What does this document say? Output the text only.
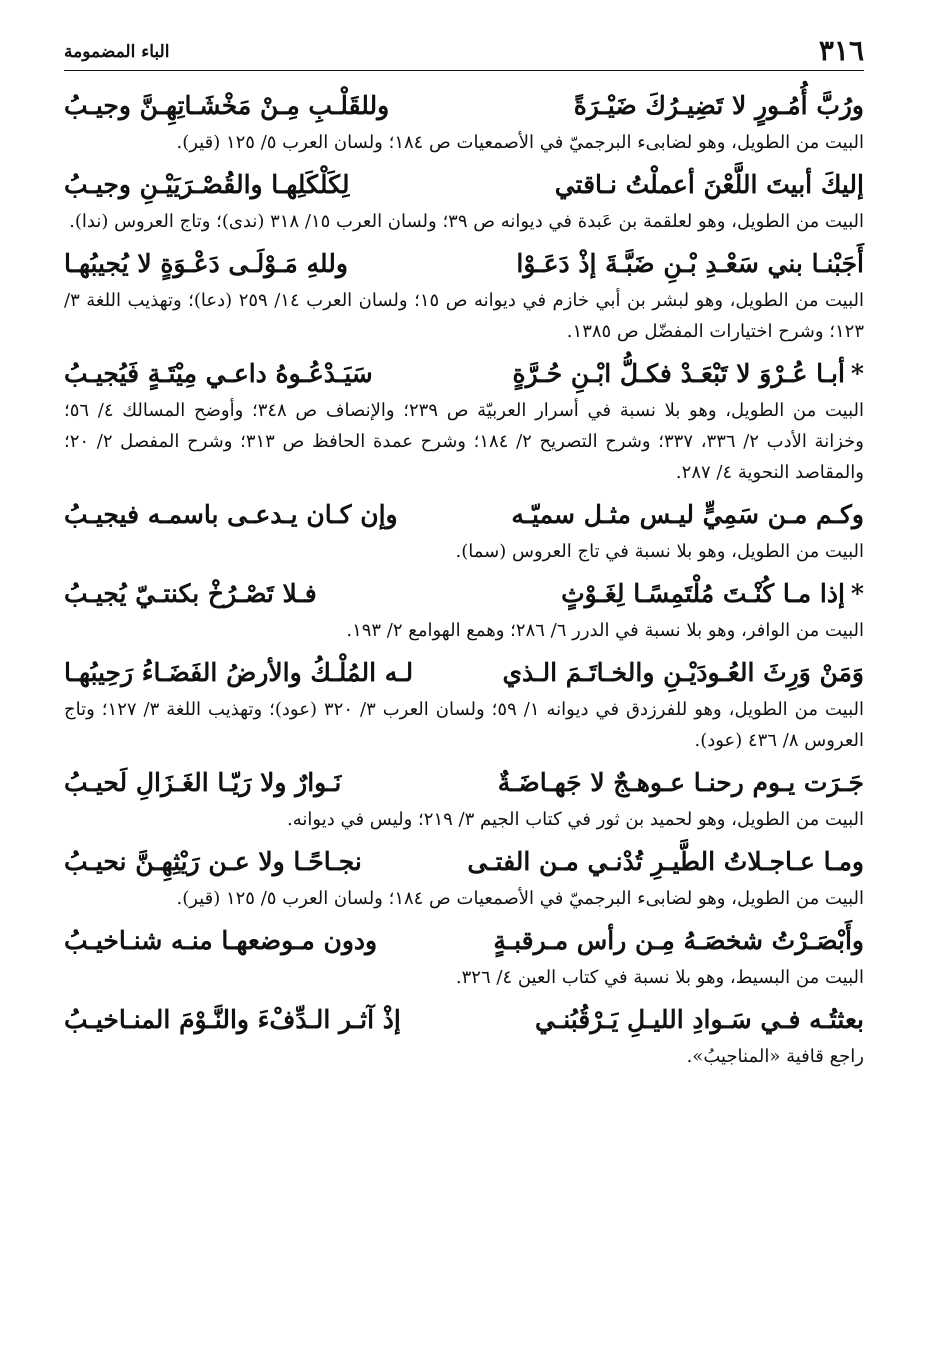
٣١٦
الباء المضمومة
ورُبَّ أُمُـورٍ لا تَضِيـرُكَ ضَيْـرَةً
وللقَلْـبِ مِـنْ مَخْشَـاتِهِـنَّ وجيـبُ

البيت من الطويل، وهو لضابىء البرجميّ في الأصمعيات ص ١٨٤؛ ولسان العرب ٥/ ١٢٥ (قير).

إليكَ أبيتَ اللَّعْنَ أعملْتُ نـاقتي
لِكَلْكَلِهـا والقُصْـرَيَيْـنِ وجيـبُ

البيت من الطويل، وهو لعلقمة بن عَبدة في ديوانه ص ٣٩؛ ولسان العرب ١٥/ ٣١٨ (ندى)؛ وتاج العروس (ندا).

أَجَبْنـا بني سَعْـدِ بْـنِ ضَبَّـةَ إذْ دَعَـوْا
وللهِ مَـوْلَـى دَعْـوَةٍ لا يُجيبُهـا

البيت من الطويل، وهو لبشر بن أبي خازم في ديوانه ص ١٥؛ ولسان العرب ١٤/ ٢٥٩ (دعا)؛ وتهذيب اللغة ٣/ ١٢٣؛ وشرح اختيارات المفضّل ص ١٣٨٥.

*
أبـا عُـرْوَ لا تَبْعَـدْ فكـلُّ ابْـنِ حُـرَّةٍ
سَيَـدْعُـوهُ داعـي مِيْتَـةٍ فَيُجيـبُ

البيت من الطويل، وهو بلا نسبة في أسرار العربيّة ص ٢٣٩؛ والإنصاف ص ٣٤٨؛ وأوضح المسالك ٤/ ٥٦؛ وخزانة الأدب ٢/ ٣٣٦، ٣٣٧؛ وشرح التصريح ٢/ ١٨٤؛ وشرح عمدة الحافظ ص ٣١٣؛ وشرح المفصل ٢/ ٢٠؛ والمقاصد النحوية ٤/ ٢٨٧.

وكـم مـن سَمِيٍّ ليـس مثـل سميّـه
وإن كـان يـدعـى باسمـه فيجيـبُ

البيت من الطويل، وهو بلا نسبة في تاج العروس (سما).

*
إذا مـا كُنْـتَ مُلْتَمِسًـا لِغَـوْثٍ
فـلا تَصْـرُخْ بكنتـيّ يُجيـبُ

البيت من الوافر، وهو بلا نسبة في الدرر ٦/ ٢٨٦؛ وهمع الهوامع ٢/ ١٩٣.

وَمَنْ وَرِثَ العُـودَيْـنِ والخـاتَـمَ الـذي
لـه المُلْـكُ والأرضُ الفَضَـاءُ رَحِيبُهـا

البيت من الطويل، وهو للفرزدق في ديوانه ١/ ٥٩؛ ولسان العرب ٣/ ٣٢٠ (عود)؛ وتهذيب اللغة ٣/ ١٢٧؛ وتاج العروس ٨/ ٤٣٦ (عود).

جَـرَت يـوم رحنـا عـوهـجٌ لا جَهـاضَـةٌ
نَـوارٌ ولا رَيّـا الغَـزَالِ لَحيـبُ

البيت من الطويل، وهو لحميد بن ثور في كتاب الجيم ٣/ ٢١٩؛ وليس في ديوانه.

ومـا عـاجـلاتُ الطَّيـرِ تُدْنـي مـن الفتـى
نجـاحًـا ولا عـن رَيْثِهِـنَّ نحيـبُ

البيت من الطويل، وهو لضابىء البرجميّ في الأصمعيات ص ١٨٤؛ ولسان العرب ٥/ ١٢٥ (قير).

وأَبْصَـرْتُ شخصَـهُ مِـن رأس مـرقبـةٍ
ودون مـوضعهـا منـه شنـاخيـبُ

البيت من البسيط، وهو بلا نسبة في كتاب العين ٤/ ٣٢٦.

بعثتُـه فـي سَـوادِ الليـلِ يَـرْقُبُنـي
إذْ آثـر الـدِّفْءَ والنَّـوْمَ المنـاخيـبُ

راجع قافية «المناجيبُ».
